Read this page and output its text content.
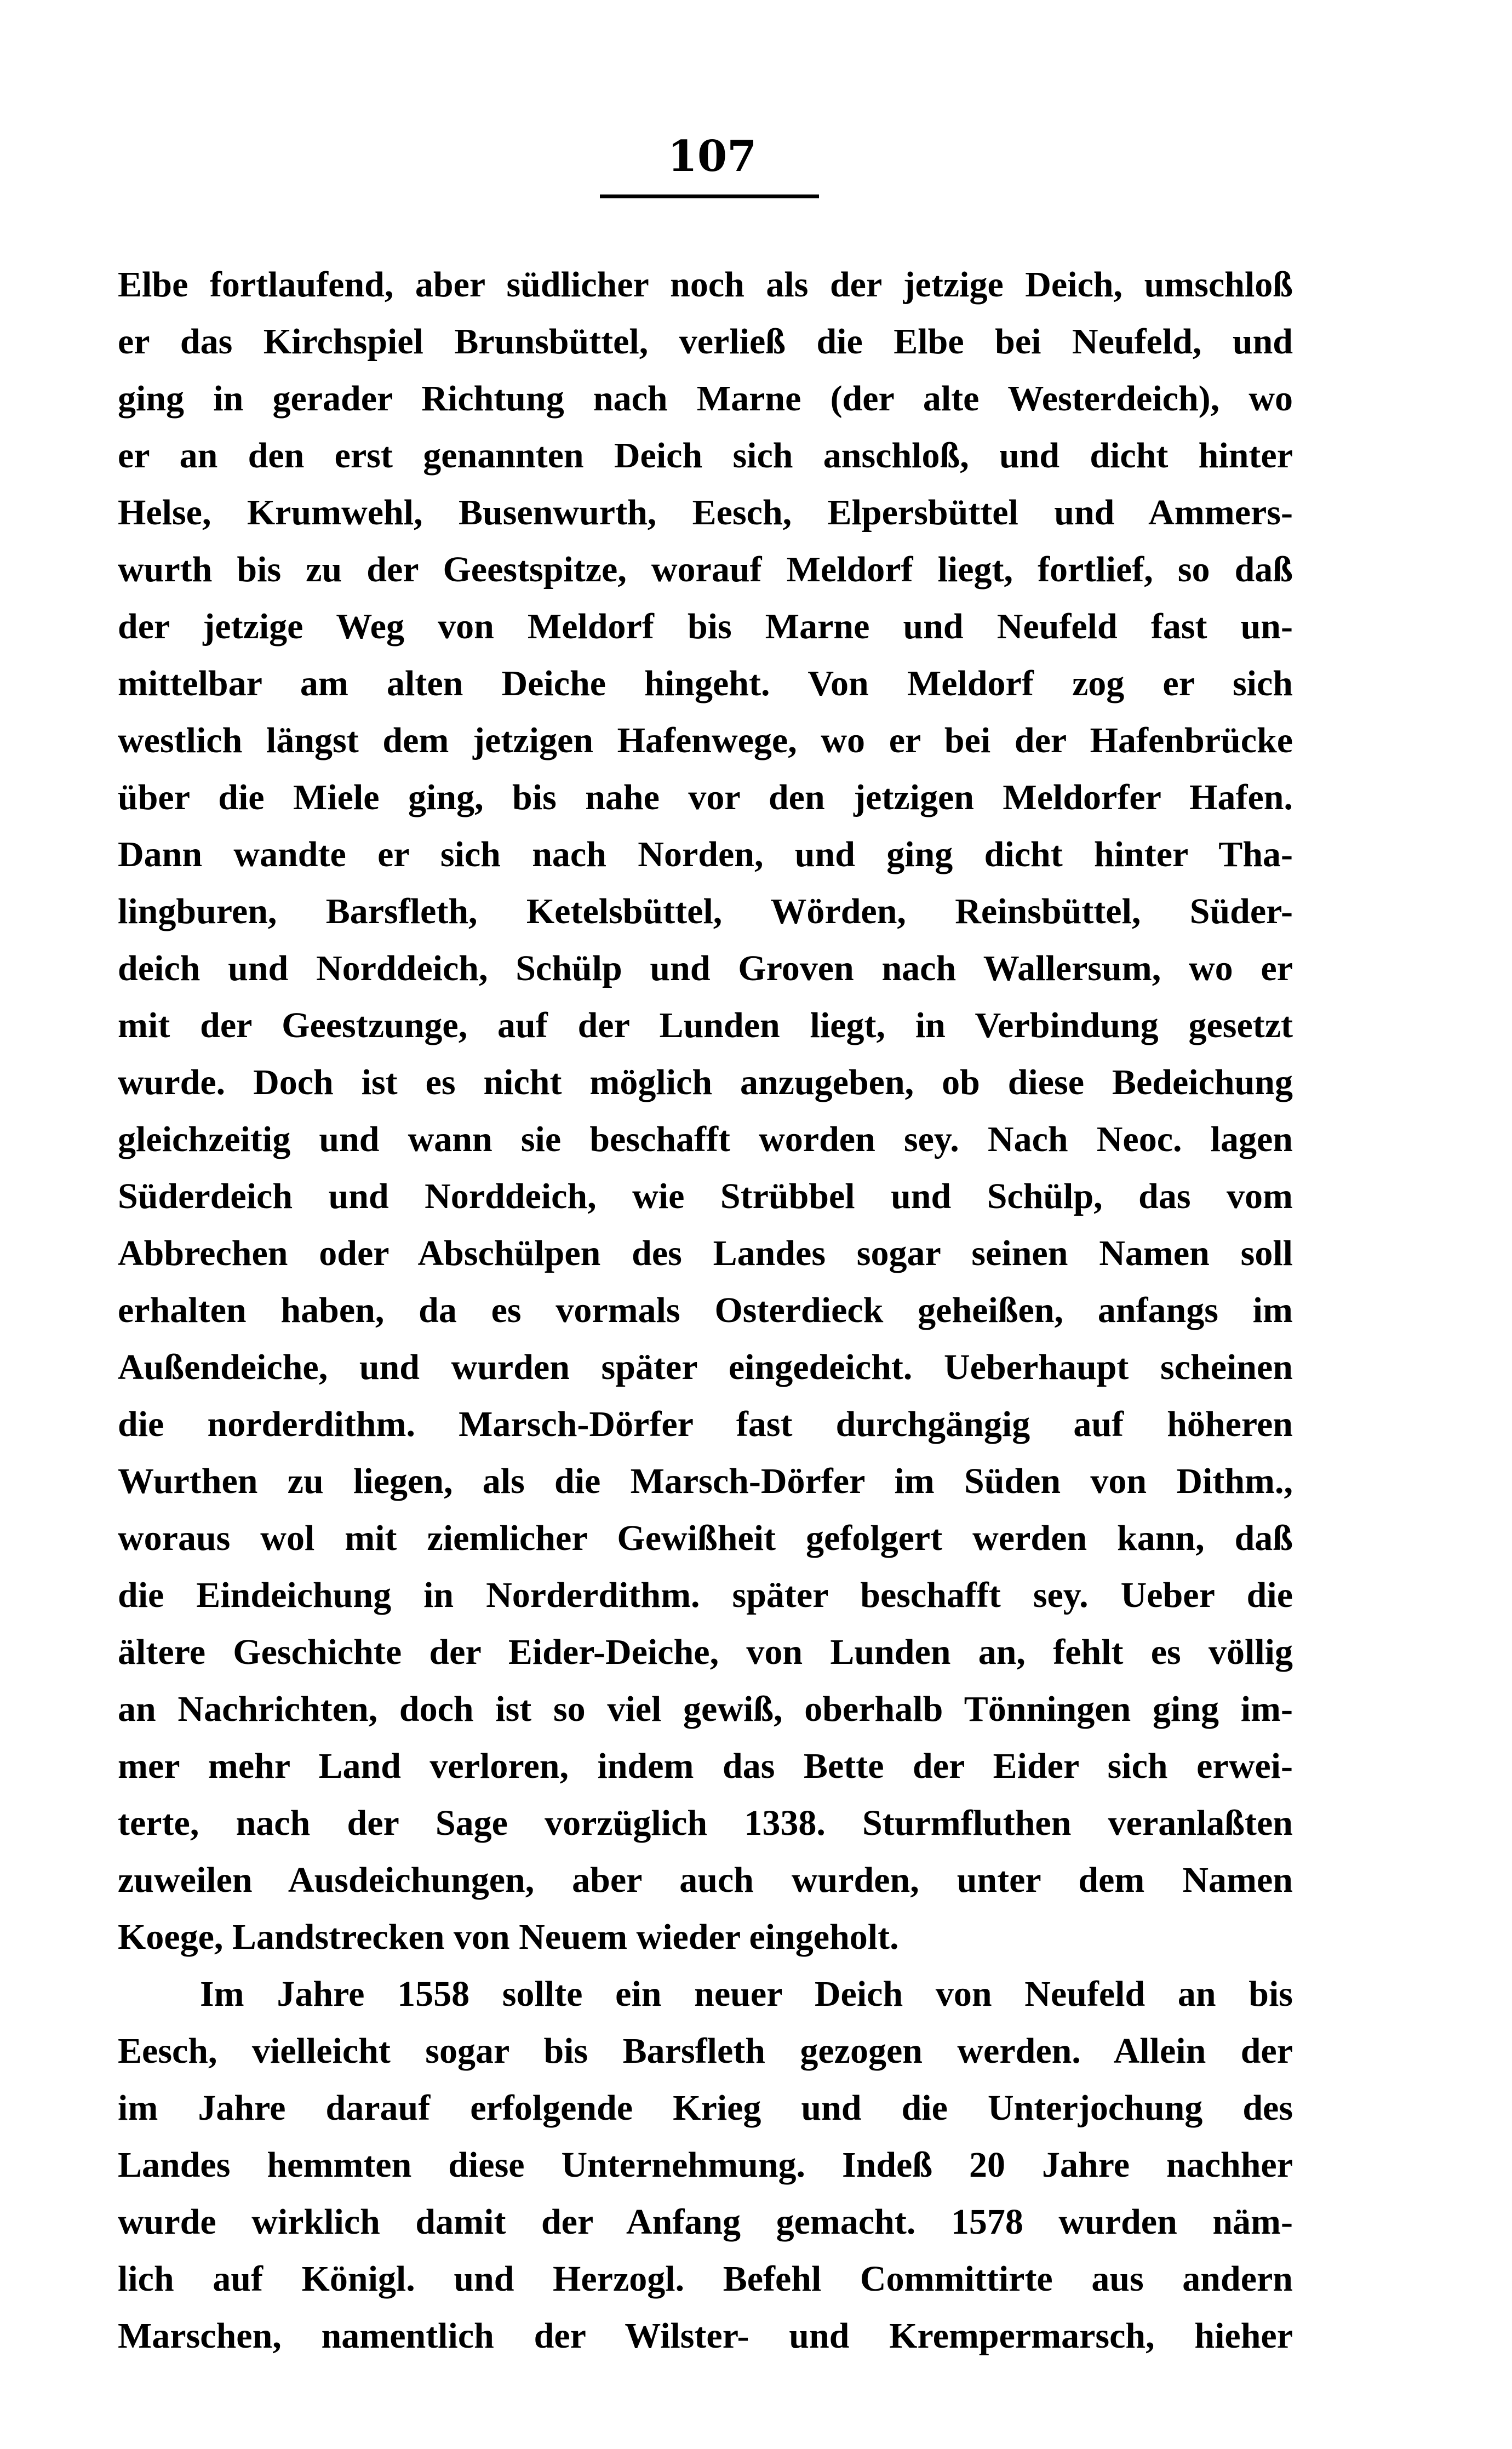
107
Elbe fortlaufend, aber südlicher noch als der jetzige Deich, umschloß
er das Kirchspiel Brunsbüttel, verließ die Elbe bei Neufeld, und
ging in gerader Richtung nach Marne (der alte Westerdeich), wo
er an den erst genannten Deich sich anschloß, und dicht hinter
Helse, Krumwehl, Busenwurth, Eesch, Elpersbüttel und Ammers-
wurth bis zu der Geestspitze, worauf Meldorf liegt, fortlief, so daß
der jetzige Weg von Meldorf bis Marne und Neufeld fast un-
mittelbar am alten Deiche hingeht. Von Meldorf zog er sich
westlich längst dem jetzigen Hafenwege, wo er bei der Hafenbrücke
über die Miele ging, bis nahe vor den jetzigen Meldorfer Hafen.
Dann wandte er sich nach Norden, und ging dicht hinter Tha-
lingburen, Barsfleth, Ketelsbüttel, Wörden, Reinsbüttel, Süder-
deich und Norddeich, Schülp und Groven nach Wallersum, wo er
mit der Geestzunge, auf der Lunden liegt, in Verbindung gesetzt
wurde. Doch ist es nicht möglich anzugeben, ob diese Bedeichung
gleichzeitig und wann sie beschafft worden sey. Nach Neoc. lagen
Süderdeich und Norddeich, wie Strübbel und Schülp, das vom
Abbrechen oder Abschülpen des Landes sogar seinen Namen soll
erhalten haben, da es vormals Osterdieck geheißen, anfangs im
Außendeiche, und wurden später eingedeicht. Ueberhaupt scheinen
die norderdithm. Marsch-Dörfer fast durchgängig auf höheren
Wurthen zu liegen, als die Marsch-Dörfer im Süden von Dithm.,
woraus wol mit ziemlicher Gewißheit gefolgert werden kann, daß
die Eindeichung in Norderdithm. später beschafft sey. Ueber die
ältere Geschichte der Eider-Deiche, von Lunden an, fehlt es völlig
an Nachrichten, doch ist so viel gewiß, oberhalb Tönningen ging im-
mer mehr Land verloren, indem das Bette der Eider sich erwei-
terte, nach der Sage vorzüglich 1338. Sturmfluthen veranlaßten
zuweilen Ausdeichungen, aber auch wurden, unter dem Namen
Koege, Landstrecken von Neuem wieder eingeholt.
Im Jahre 1558 sollte ein neuer Deich von Neufeld an bis
Eesch, vielleicht sogar bis Barsfleth gezogen werden. Allein der
im Jahre darauf erfolgende Krieg und die Unterjochung des
Landes hemmten diese Unternehmung. Indeß 20 Jahre nachher
wurde wirklich damit der Anfang gemacht. 1578 wurden näm-
lich auf Königl. und Herzogl. Befehl Committirte aus andern
Marschen, namentlich der Wilster- und Krempermarsch, hieher
